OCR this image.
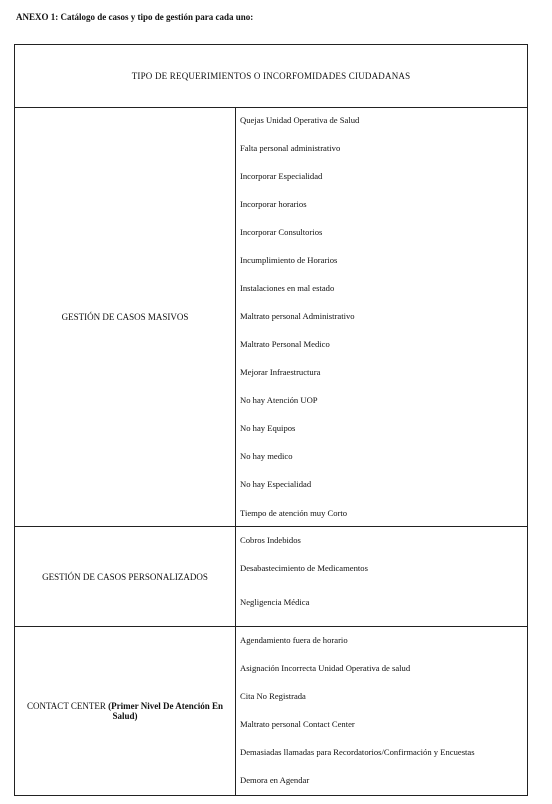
ANEXO 1: Catálogo de casos y tipo de gestión para cada uno:
TIPO DE REQUERIMIENTOS O INCORFOMIDADES CIUDADANAS
GESTIÓN DE CASOS MASIVOS
Quejas Unidad Operativa de Salud
Falta personal administrativo
Incorporar Especialidad
Incorporar horarios
Incorporar Consultorios
Incumplimiento de Horarios
Instalaciones en mal estado
Maltrato personal Administrativo
Maltrato Personal Medico
Mejorar Infraestructura
No hay Atención UOP
No hay Equipos
No hay medico
No hay Especialidad
Tiempo de atención muy Corto
GESTIÓN DE CASOS PERSONALIZADOS
Cobros Indebidos
Desabastecimiento de Medicamentos
Negligencia Médica
CONTACT CENTER (Primer Nivel De Atención En Salud)
Agendamiento fuera de horario
Asignación Incorrecta Unidad Operativa de salud
Cita No Registrada
Maltrato personal Contact Center
Demasiadas llamadas para Recordatorios/Confirmación y Encuestas
Demora en Agendar
